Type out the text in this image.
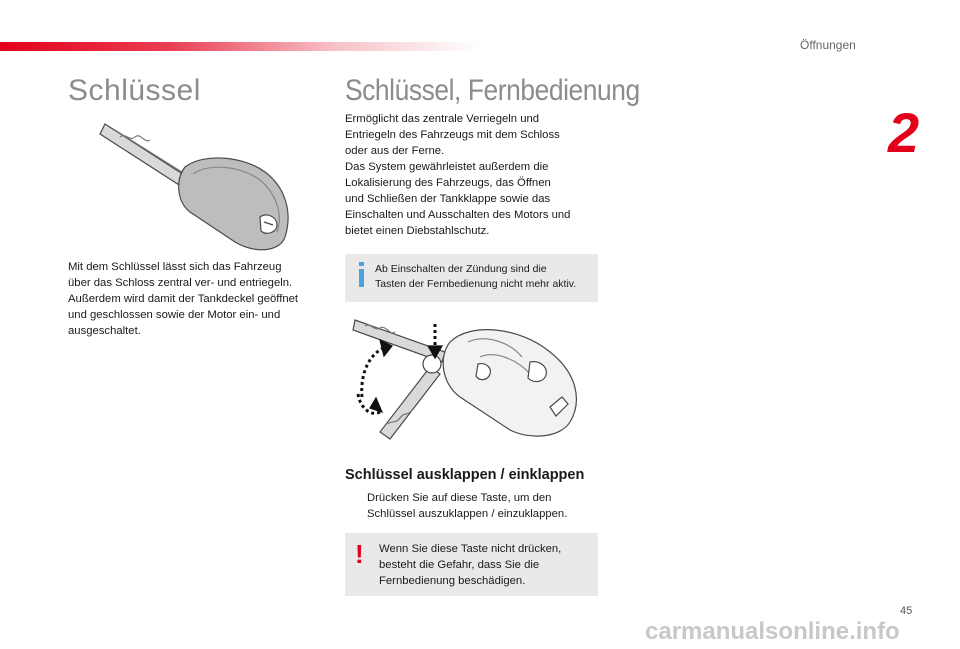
Öffnungen
2
Schlüssel

Mit dem Schlüssel lässt sich das Fahrzeug
über das Schloss zentral ver- und entriegeln.
Außerdem wird damit der Tankdeckel geöffnet
und geschlossen sowie der Motor ein- und
ausgeschaltet.

Schlüssel, Fernbedienung

Ermöglicht das zentrale Verriegeln und
Entriegeln des Fahrzeugs mit dem Schloss
oder aus der Ferne.
Das System gewährleistet außerdem die
Lokalisierung des Fahrzeugs, das Öffnen
und Schließen der Tankklappe sowie das
Einschalten und Ausschalten des Motors und
bietet einen Diebstahlschutz.

Ab Einschalten der Zündung sind die
Tasten der Fernbedienung nicht mehr aktiv.
Schlüssel ausklappen / einklappen
Drücken Sie auf diese Taste, um den
Schlüssel auszuklappen / einzuklappen.
! Wenn Sie diese Taste nicht drücken,
besteht die Gefahr, dass Sie die
Fernbedienung beschädigen.
45
carmanualsonline.info
